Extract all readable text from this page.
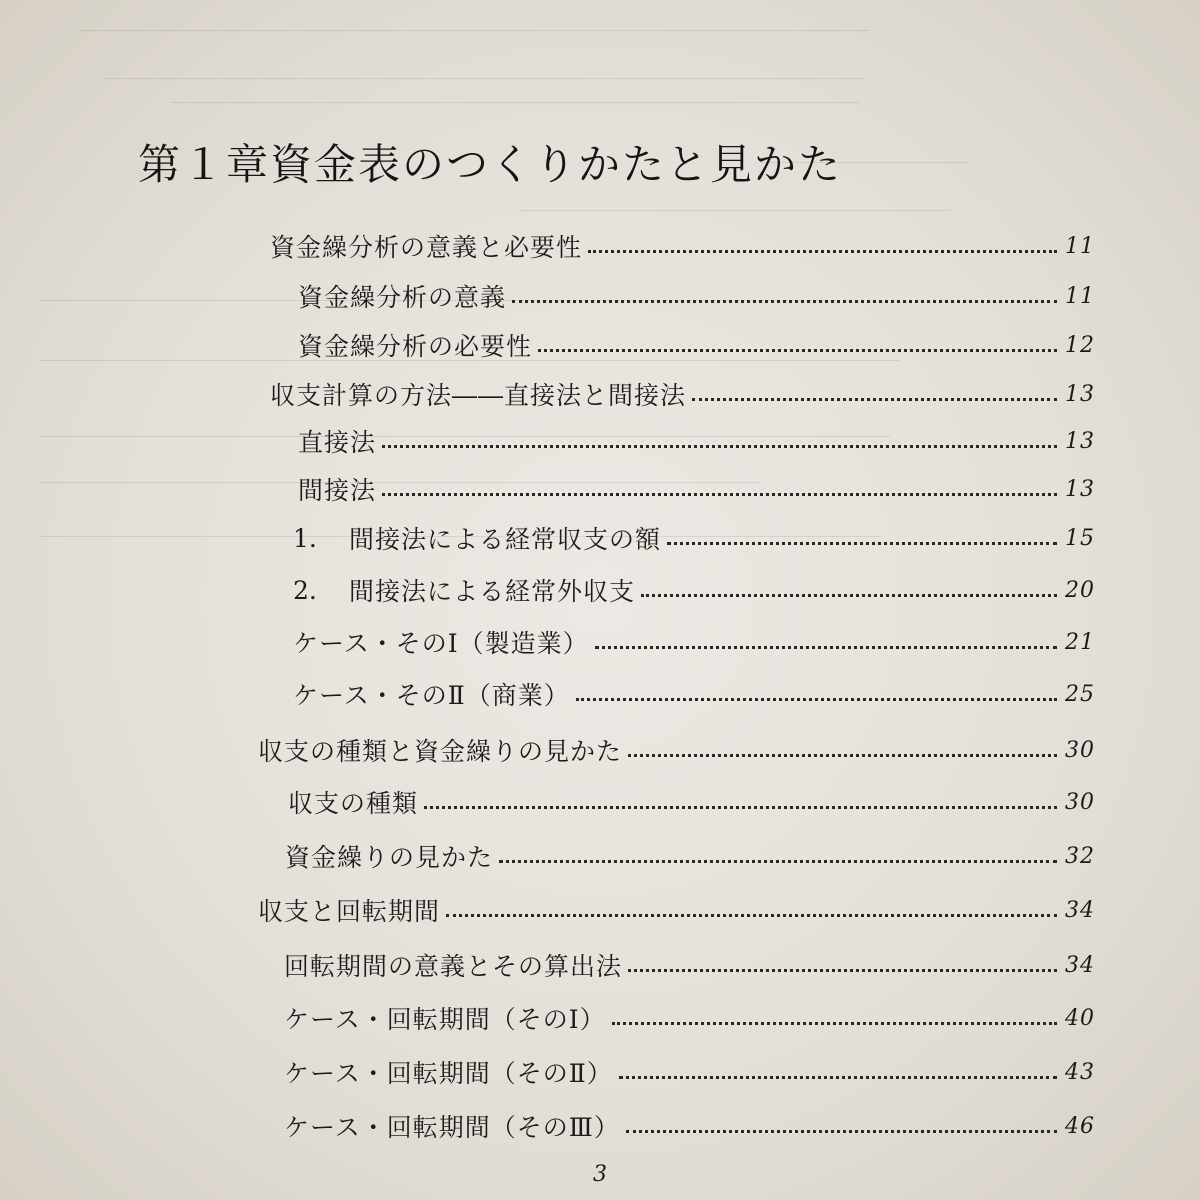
第１章資金表のつくりかたと見かた
資金繰分析の意義と必要性	11
資金繰分析の意義	11
資金繰分析の必要性	12
収支計算の方法――直接法と間接法	13
直接法	13
間接法	13
1.	間接法による経常収支の額	15
2.	間接法による経常外収支	20
ケース・そのⅠ（製造業）	21
ケース・そのⅡ（商業）	25
収支の種類と資金繰りの見かた	30
収支の種類	30
資金繰りの見かた	32
収支と回転期間	34
回転期間の意義とその算出法	34
ケース・回転期間（そのⅠ）	40
ケース・回転期間（そのⅡ）	43
ケース・回転期間（そのⅢ）	46
3
